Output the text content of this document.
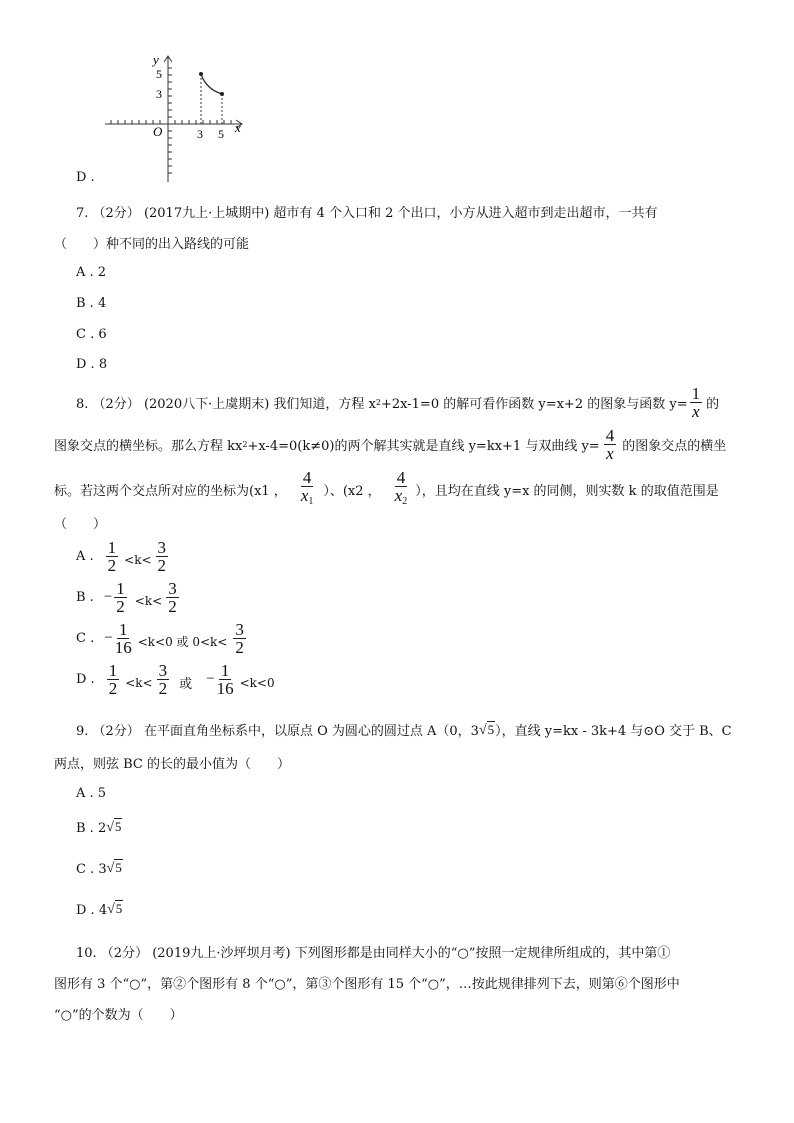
y
x
O
5
3
3 5
D .
7. （2分） (2017九上·上城期中) 超市有 4 个入口和 2 个出口，小方从进入超市到走出超市，一共有
（　　）种不同的出入路线的可能
A . 2
B . 4
C . 6
D . 8
8. （2分） (2020八下·上虞期末) 我们知道，方程 x 2 +2x-1=0 的解可看作函数 y=x+2 的图象与函数 $y= \frac{1}{x}$ 的
图象交点的横坐标。那么方程 kx 2 +x-4=0(k≠0)的两个解其实就是直线 y=kx+1 与双曲线 $y= \frac{4}{x}$ 的图象交点的横坐
标。若这两个交点所对应的坐标为(x1 ， $\frac{4}{x_1}$ ）、(x2 ， $\frac{4}{x_2}$ ），且均在直线 y=x 的同侧，则实数 k 的取值范围是
（　　）
A . $\frac{1}{2} <k< \frac{3}{2}$
B . − $\frac{1}{2} <k< \frac{3}{2}$
C . − $\frac{1}{16} <k<0$ 或 $0<k< \frac{3}{2}$
D . $\frac{1}{2} <k< \frac{3}{2}$ 或 − $\frac{1}{16} <k<0$
9. （2分） 在平面直角坐标系中，以原点 O 为圆心的圆过点 A（0，3 √5 ），直线 y=kx - 3k+4 与⊙O 交于 B、C
两点，则弦 BC 的长的最小值为（　　）
A . 5
B . 2 √5
C . 3 √5
D . 4 √5
10. （2分） (2019九上·沙坪坝月考) 下列图形都是由同样大小的“○”按照一定规律所组成的，其中第①
图形有 3 个“○”，第②个图形有 8 个“○”，第③个图形有 15 个“○”，…按此规律排列下去，则第⑥个图形中
“○”的个数为（　　）
